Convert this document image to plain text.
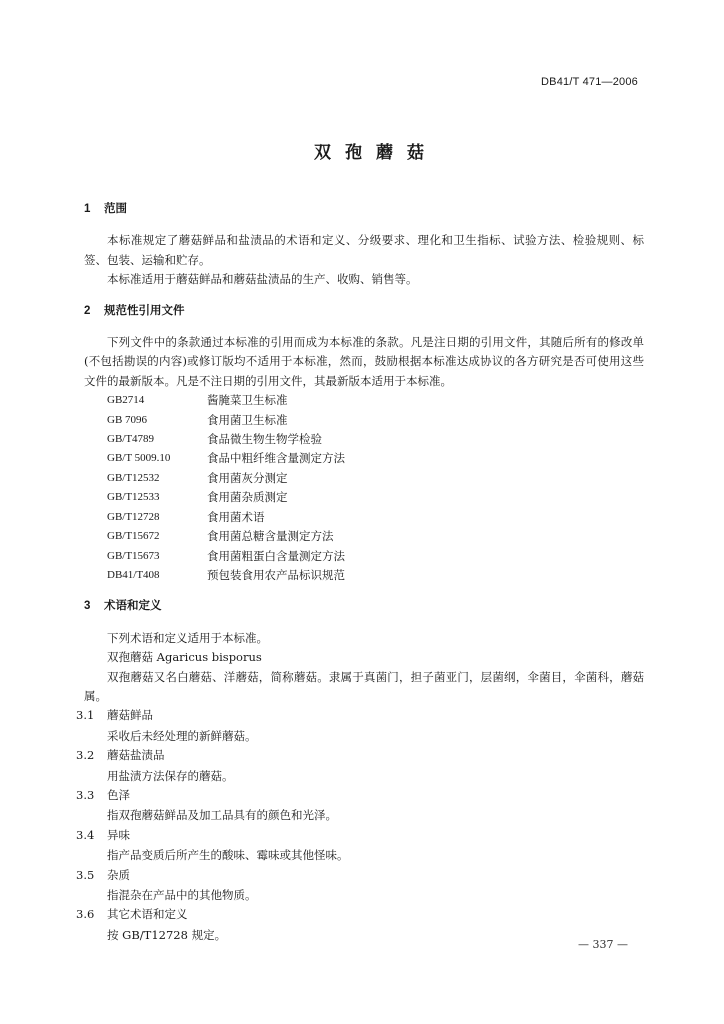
DB41/T 471—2006
双孢蘑菇

1 范围

本标准规定了蘑菇鲜品和盐渍品的术语和定义、分级要求、理化和卫生指标、试验方法、检验规则、标签、包装、运输和贮存。

本标准适用于蘑菇鲜品和蘑菇盐渍品的生产、收购、销售等。

2 规范性引用文件

下列文件中的条款通过本标准的引用而成为本标准的条款。凡是注日期的引用文件，其随后所有的修改单(不包括勘误的内容)或修订版均不适用于本标准，然而，鼓励根据本标准达成协议的各方研究是否可使用这些文件的最新版本。凡是不注日期的引用文件，其最新版本适用于本标准。

GB2714	酱腌菜卫生标准
GB 7096	食用菌卫生标准
GB/T4789	食品微生物生物学检验
GB/T 5009.10	食品中粗纤维含量测定方法
GB/T12532	食用菌灰分测定
GB/T12533	食用菌杂质测定
GB/T12728	食用菌术语
GB/T15672	食用菌总糖含量测定方法
GB/T15673	食用菌粗蛋白含量测定方法
DB41/T408	预包装食用农产品标识规范

3 术语和定义

下列术语和定义适用于本标准。

双孢蘑菇 Agaricus bisporus

双孢蘑菇又名白蘑菇、洋蘑菇，简称蘑菇。隶属于真菌门，担子菌亚门，层菌纲，伞菌目，伞菌科，蘑菇属。

3.1 蘑菇鲜品

采收后未经处理的新鲜蘑菇。

3.2 蘑菇盐渍品

用盐渍方法保存的蘑菇。

3.3 色泽

指双孢蘑菇鲜品及加工品具有的颜色和光泽。

3.4 异味

指产品变质后所产生的酸味、霉味或其他怪味。

3.5 杂质

指混杂在产品中的其他物质。

3.6 其它术语和定义

按 GB/T12728 规定。

— 337 —
